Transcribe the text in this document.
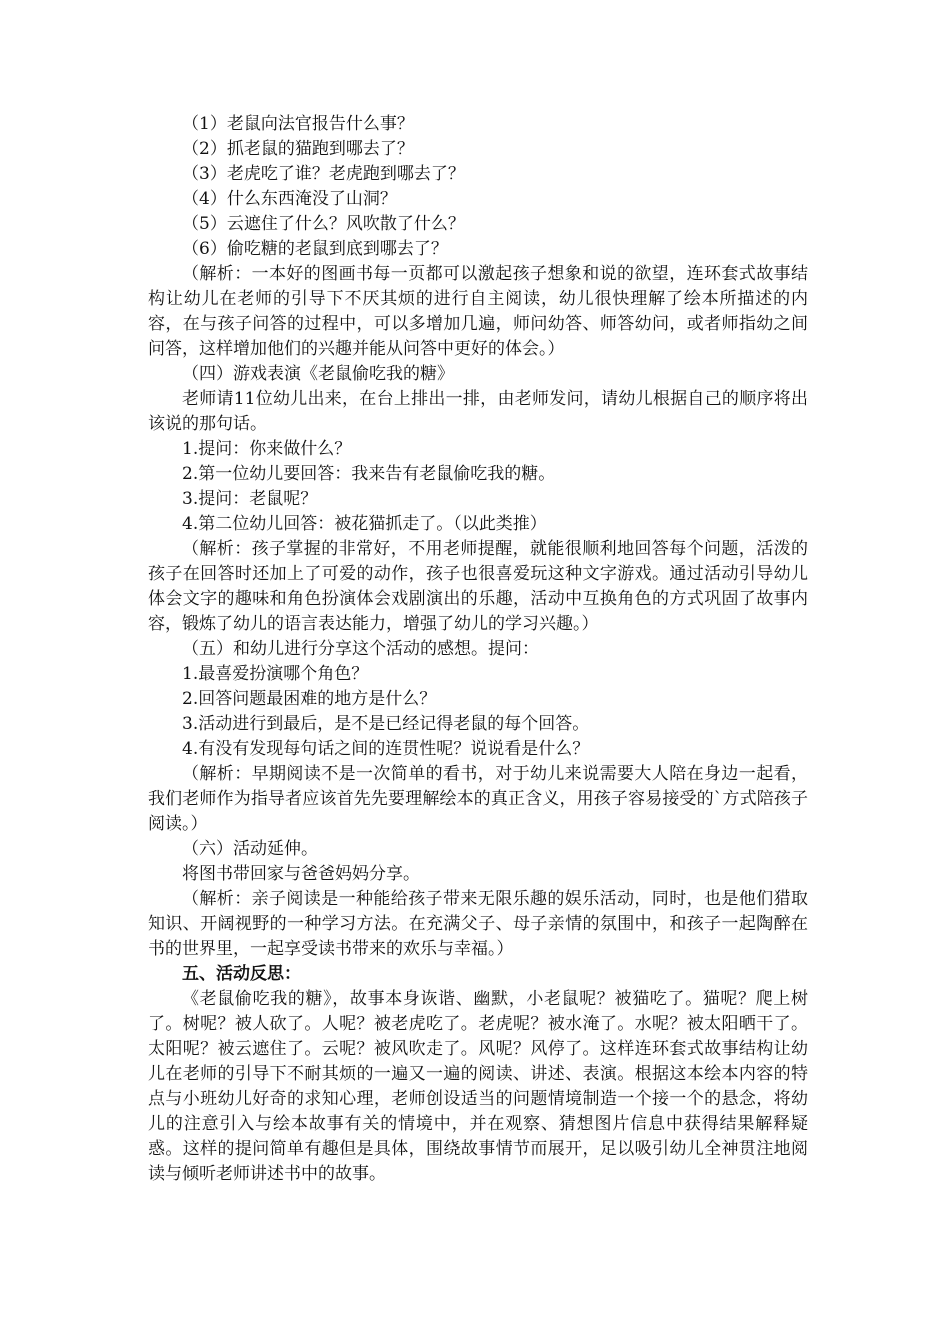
（1）老鼠向法官报告什么事？

（2）抓老鼠的猫跑到哪去了？

（3）老虎吃了谁？老虎跑到哪去了？

（4）什么东西淹没了山洞？

（5）云遮住了什么？风吹散了什么？

（6）偷吃糖的老鼠到底到哪去了？

（解析：一本好的图画书每一页都可以激起孩子想象和说的欲望，连环套式故事结构让幼儿在老师的引导下不厌其烦的进行自主阅读，幼儿很快理解了绘本所描述的内容，在与孩子问答的过程中，可以多增加几遍，师问幼答、师答幼问，或者师指幼之间问答，这样增加他们的兴趣并能从问答中更好的体会。）

（四）游戏表演《老鼠偷吃我的糖》

老师请11位幼儿出来，在台上排出一排，由老师发问，请幼儿根据自己的顺序将出该说的那句话。

1.提问：你来做什么？

2.第一位幼儿要回答：我来告有老鼠偷吃我的糖。

3.提问：老鼠呢？

4.第二位幼儿回答：被花猫抓走了。（以此类推）

（解析：孩子掌握的非常好，不用老师提醒，就能很顺利地回答每个问题，活泼的孩子在回答时还加上了可爱的动作，孩子也很喜爱玩这种文字游戏。通过活动引导幼儿体会文字的趣味和角色扮演体会戏剧演出的乐趣，活动中互换角色的方式巩固了故事内容，锻炼了幼儿的语言表达能力，增强了幼儿的学习兴趣。）

（五）和幼儿进行分享这个活动的感想。提问：

1.最喜爱扮演哪个角色？

2.回答问题最困难的地方是什么？

3.活动进行到最后，是不是已经记得老鼠的每个回答。

4.有没有发现每句话之间的连贯性呢？说说看是什么？

（解析：早期阅读不是一次简单的看书，对于幼儿来说需要大人陪在身边一起看，我们老师作为指导者应该首先先要理解绘本的真正含义，用孩子容易接受的`方式陪孩子阅读。）

（六）活动延伸。

将图书带回家与爸爸妈妈分享。

（解析：亲子阅读是一种能给孩子带来无限乐趣的娱乐活动，同时，也是他们猎取知识、开阔视野的一种学习方法。在充满父子、母子亲情的氛围中，和孩子一起陶醉在书的世界里，一起享受读书带来的欢乐与幸福。）

五、活动反思：

《老鼠偷吃我的糖》，故事本身诙谐、幽默，小老鼠呢？被猫吃了。猫呢？爬上树了。树呢？被人砍了。人呢？被老虎吃了。老虎呢？被水淹了。水呢？被太阳晒干了。太阳呢？被云遮住了。云呢？被风吹走了。风呢？风停了。这样连环套式故事结构让幼儿在老师的引导下不耐其烦的一遍又一遍的阅读、讲述、表演。根据这本绘本内容的特点与小班幼儿好奇的求知心理，老师创设适当的问题情境制造一个接一个的悬念，将幼儿的注意引入与绘本故事有关的情境中，并在观察、猜想图片信息中获得结果解释疑惑。这样的提问简单有趣但是具体，围绕故事情节而展开，足以吸引幼儿全神贯注地阅读与倾听老师讲述书中的故事。
